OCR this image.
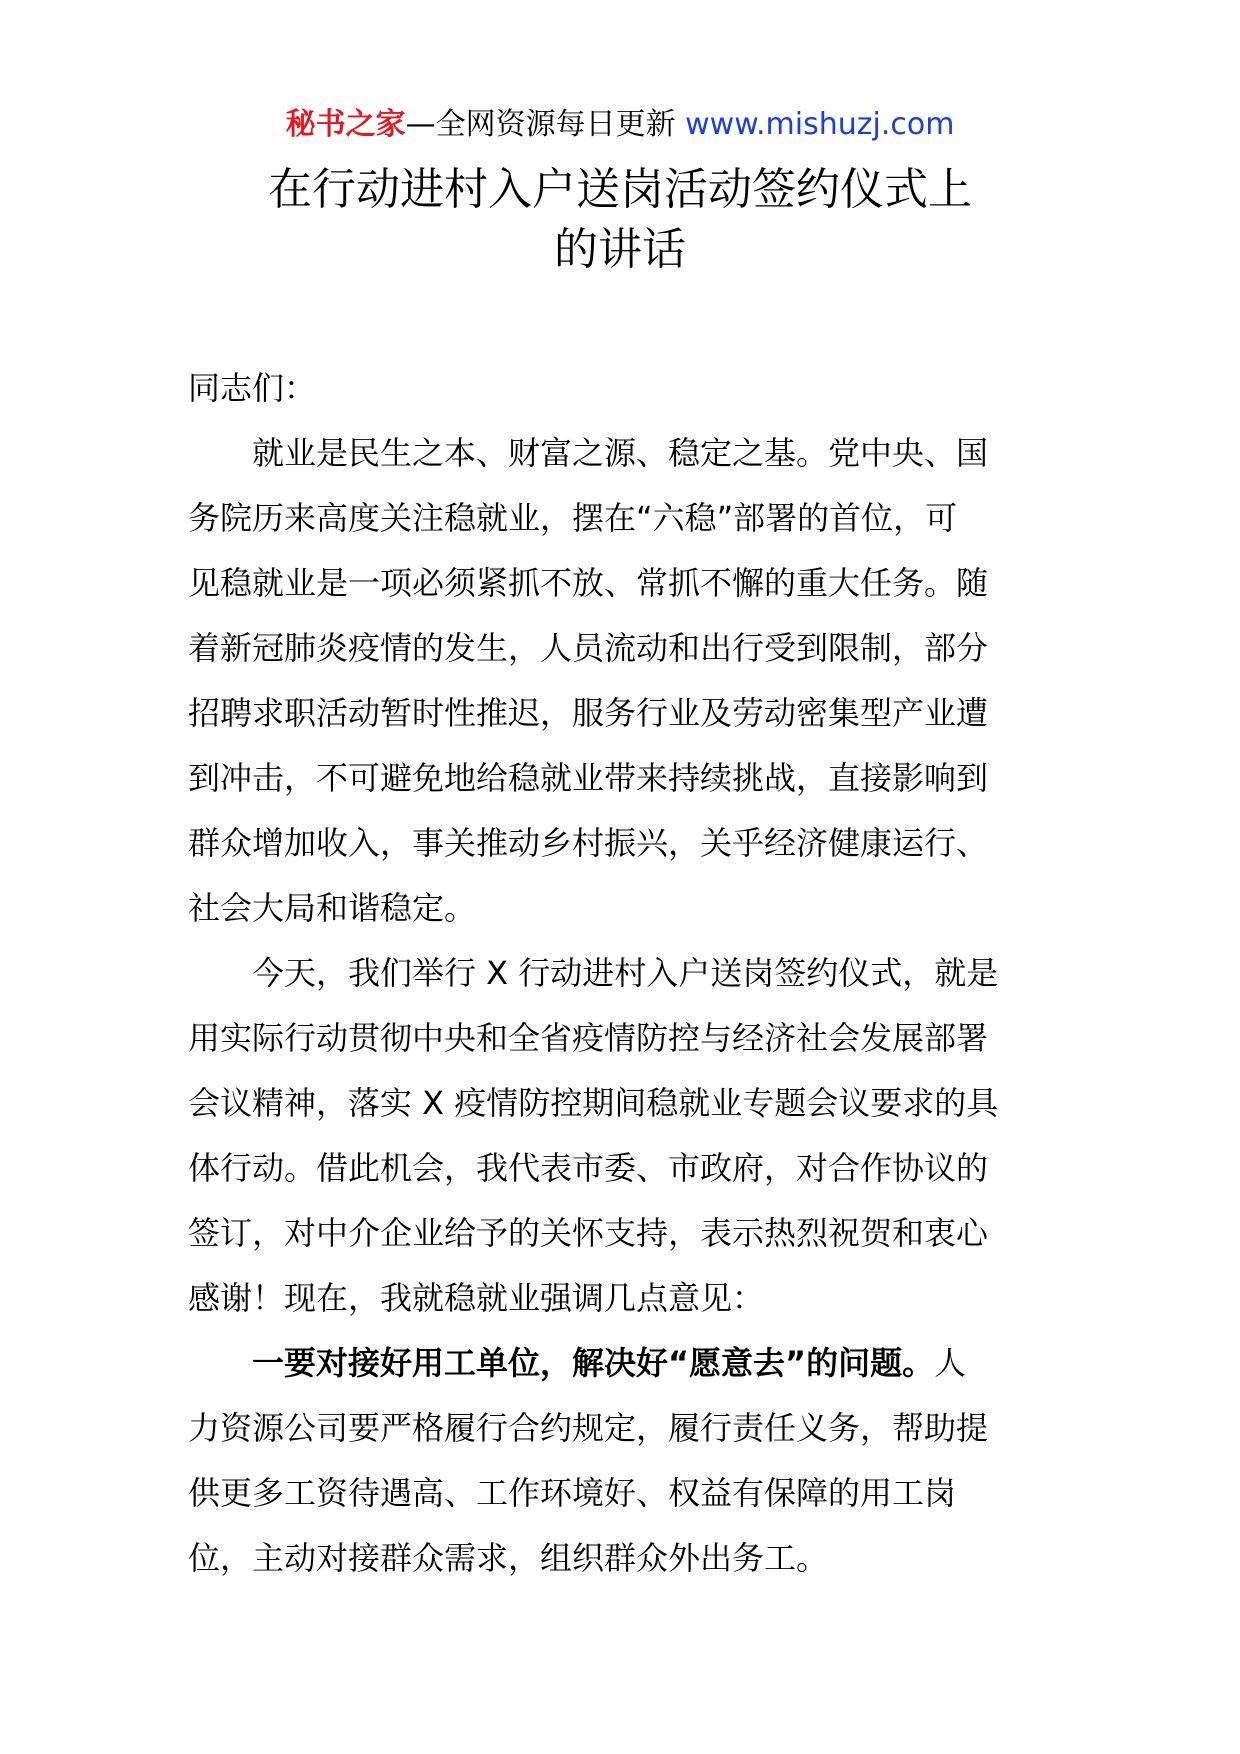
秘书之家—全网资源每日更新 www.mishuzj.com
在行动进村入户送岗活动签约仪式上
的讲话
同志们：
　　就业是民生之本、财富之源、稳定之基。党中央、国
务院历来高度关注稳就业，摆在“六稳”部署的首位，可
见稳就业是一项必须紧抓不放、常抓不懈的重大任务。随
着新冠肺炎疫情的发生，人员流动和出行受到限制，部分
招聘求职活动暂时性推迟，服务行业及劳动密集型产业遭
到冲击，不可避免地给稳就业带来持续挑战，直接影响到
群众增加收入，事关推动乡村振兴，关乎经济健康运行、
社会大局和谐稳定。
　　今天，我们举行 X 行动进村入户送岗签约仪式，就是
用实际行动贯彻中央和全省疫情防控与经济社会发展部署
会议精神，落实 X 疫情防控期间稳就业专题会议要求的具
体行动。借此机会，我代表市委、市政府，对合作协议的
签订，对中介企业给予的关怀支持，表示热烈祝贺和衷心
感谢！现在，我就稳就业强调几点意见：
　　一要对接好用工单位，解决好“愿意去”的问题。人
力资源公司要严格履行合约规定，履行责任义务，帮助提
供更多工资待遇高、工作环境好、权益有保障的用工岗
位，主动对接群众需求，组织群众外出务工。
